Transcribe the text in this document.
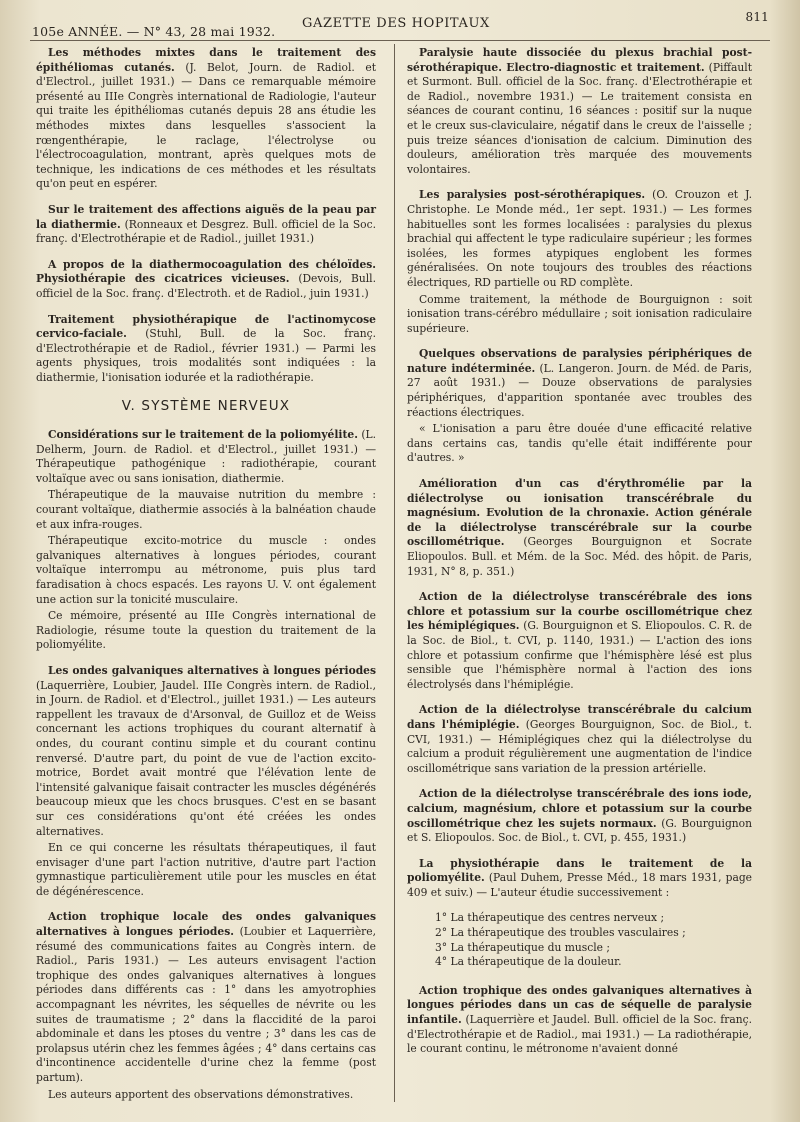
105e ANNÉE. — N° 43, 28 mai 1932.
GAZETTE DES HOPITAUX	811

Les méthodes mixtes dans le traitement des épithéliomas cutanés. (J. Belot, Journ. de Radiol. et d'Electrol., juillet 1931.) — Dans ce remarquable mémoire présenté au IIIe Congrès international de Radiologie, l'auteur qui traite les épithéliomas cutanés depuis 28 ans étudie les méthodes mixtes dans lesquelles s'associent la rœngenthérapie, le raclage, l'électrolyse ou l'électrocoagulation, montrant, après quelques mots de technique, les indications de ces méthodes et les résultats qu'on peut en espérer.

Sur le traitement des affections aiguës de la peau par la diathermie. (Ronneaux et Desgrez. Bull. officiel de la Soc. franç. d'Electrothérapie et de Radiol., juillet 1931.)

A propos de la diathermocoagulation des chéloïdes. Physiothérapie des cicatrices vicieuses. (Devois, Bull. officiel de la Soc. franç. d'Electroth. et de Radiol., juin 1931.)

Traitement physiothérapique de l'actinomycose cervico-faciale. (Stuhl, Bull. de la Soc. franç. d'Electrothérapie et de Radiol., février 1931.) — Parmi les agents physiques, trois modalités sont indiquées : la diathermie, l'ionisation iodurée et la radiothérapie.

V. SYSTÈME NERVEUX

Considérations sur le traitement de la poliomyélite. (L. Delherm, Journ. de Radiol. et d'Electrol., juillet 1931.) — Thérapeutique pathogénique : radiothérapie, courant voltaïque avec ou sans ionisation, diathermie.

Thérapeutique de la mauvaise nutrition du membre : courant voltaïque, diathermie associés à la balnéation chaude et aux infra-rouges.

Thérapeutique excito-motrice du muscle : ondes galvaniques alternatives à longues périodes, courant voltaïque interrompu au métronome, puis plus tard faradisation à chocs espacés. Les rayons U. V. ont également une action sur la tonicité musculaire.

Ce mémoire, présenté au IIIe Congrès international de Radiologie, résume toute la question du traitement de la poliomyélite.

Les ondes galvaniques alternatives à longues périodes (Laquerrière, Loubier, Jaudel. IIIe Congrès intern. de Radiol., in Journ. de Radiol. et d'Electrol., juillet 1931.) — Les auteurs rappellent les travaux de d'Arsonval, de Guilloz et de Weiss concernant les actions trophiques du courant alternatif à ondes, du courant continu simple et du courant continu renversé. D'autre part, du point de vue de l'action excito-motrice, Bordet avait montré que l'élévation lente de l'intensité galvanique faisait contracter les muscles dégénérés beaucoup mieux que les chocs brusques. C'est en se basant sur ces considérations qu'ont été créées les ondes alternatives.

En ce qui concerne les résultats thérapeutiques, il faut envisager d'une part l'action nutritive, d'autre part l'action gymnastique particulièrement utile pour les muscles en état de dégénérescence.

Action trophique locale des ondes galvaniques alternatives à longues périodes. (Loubier et Laquerrière, résumé des communications faites au Congrès intern. de Radiol., Paris 1931.) — Les auteurs envisagent l'action trophique des ondes galvaniques alternatives à longues périodes dans différents cas : 1° dans les amyotrophies accompagnant les névrites, les séquelles de névrite ou les suites de traumatisme ; 2° dans la flaccidité de la paroi abdominale et dans les ptoses du ventre ; 3° dans les cas de prolapsus utérin chez les femmes âgées ; 4° dans certains cas d'incontinence accidentelle d'urine chez la femme (post partum).

Les auteurs apportent des observations démonstratives.

Paralysie haute dissociée du plexus brachial post-sérothérapique. Electro-diagnostic et traitement. (Piffault et Surmont. Bull. officiel de la Soc. franç. d'Electrothérapie et de Radiol., novembre 1931.) — Le traitement consista en séances de courant continu, 16 séances : positif sur la nuque et le creux sus-claviculaire, négatif dans le creux de l'aisselle ; puis treize séances d'ionisation de calcium. Diminution des douleurs, amélioration très marquée des mouvements volontaires.

Les paralysies post-sérothérapiques. (O. Crouzon et J. Christophe. Le Monde méd., 1er sept. 1931.) — Les formes habituelles sont les formes localisées : paralysies du plexus brachial qui affectent le type radiculaire supérieur ; les formes isolées, les formes atypiques englobent les formes généralisées. On note toujours des troubles des réactions électriques, RD partielle ou RD complète.

Comme traitement, la méthode de Bourguignon : soit ionisation trans-cérébro médullaire ; soit ionisation radiculaire supérieure.

Quelques observations de paralysies périphériques de nature indéterminée. (L. Langeron. Journ. de Méd. de Paris, 27 août 1931.) — Douze observations de paralysies périphériques, d'apparition spontanée avec troubles des réactions électriques.

« L'ionisation a paru être douée d'une efficacité relative dans certains cas, tandis qu'elle était indifférente pour d'autres. »

Amélioration d'un cas d'érythromélie par la diélectrolyse ou ionisation transcérébrale du magnésium. Evolution de la chronaxie. Action générale de la diélectrolyse transcérébrale sur la courbe oscillométrique. (Georges Bourguignon et Socrate Eliopoulos. Bull. et Mém. de la Soc. Méd. des hôpit. de Paris, 1931, N° 8, p. 351.)

Action de la diélectrolyse transcérébrale des ions chlore et potassium sur la courbe oscillométrique chez les hémiplégiques. (G. Bourguignon et S. Eliopoulos. C. R. de la Soc. de Biol., t. CVI, p. 1140, 1931.) — L'action des ions chlore et potassium confirme que l'hémisphère lésé est plus sensible que l'hémisphère normal à l'action des ions électrolysés dans l'hémiplégie.

Action de la diélectrolyse transcérébrale du calcium dans l'hémiplégie. (Georges Bourguignon, Soc. de Biol., t. CVI, 1931.) — Hémiplégiques chez qui la diélectrolyse du calcium a produit régulièrement une augmentation de l'indice oscillométrique sans variation de la pression artérielle.

Action de la diélectrolyse transcérébrale des ions iode, calcium, magnésium, chlore et potassium sur la courbe oscillométrique chez les sujets normaux. (G. Bourguignon et S. Eliopoulos. Soc. de Biol., t. CVI, p. 455, 1931.)

La physiothérapie dans le traitement de la poliomyélite. (Paul Duhem, Presse Méd., 18 mars 1931, page 409 et suiv.) — L'auteur étudie successivement :

1° La thérapeutique des centres nerveux ;
2° La thérapeutique des troubles vasculaires ;
3° La thérapeutique du muscle ;
4° La thérapeutique de la douleur.

Action trophique des ondes galvaniques alternatives à longues périodes dans un cas de séquelle de paralysie infantile. (Laquerrière et Jaudel. Bull. officiel de la Soc. franç. d'Electrothérapie et de Radiol., mai 1931.) — La radiothérapie, le courant continu, le métronome n'avaient donné
